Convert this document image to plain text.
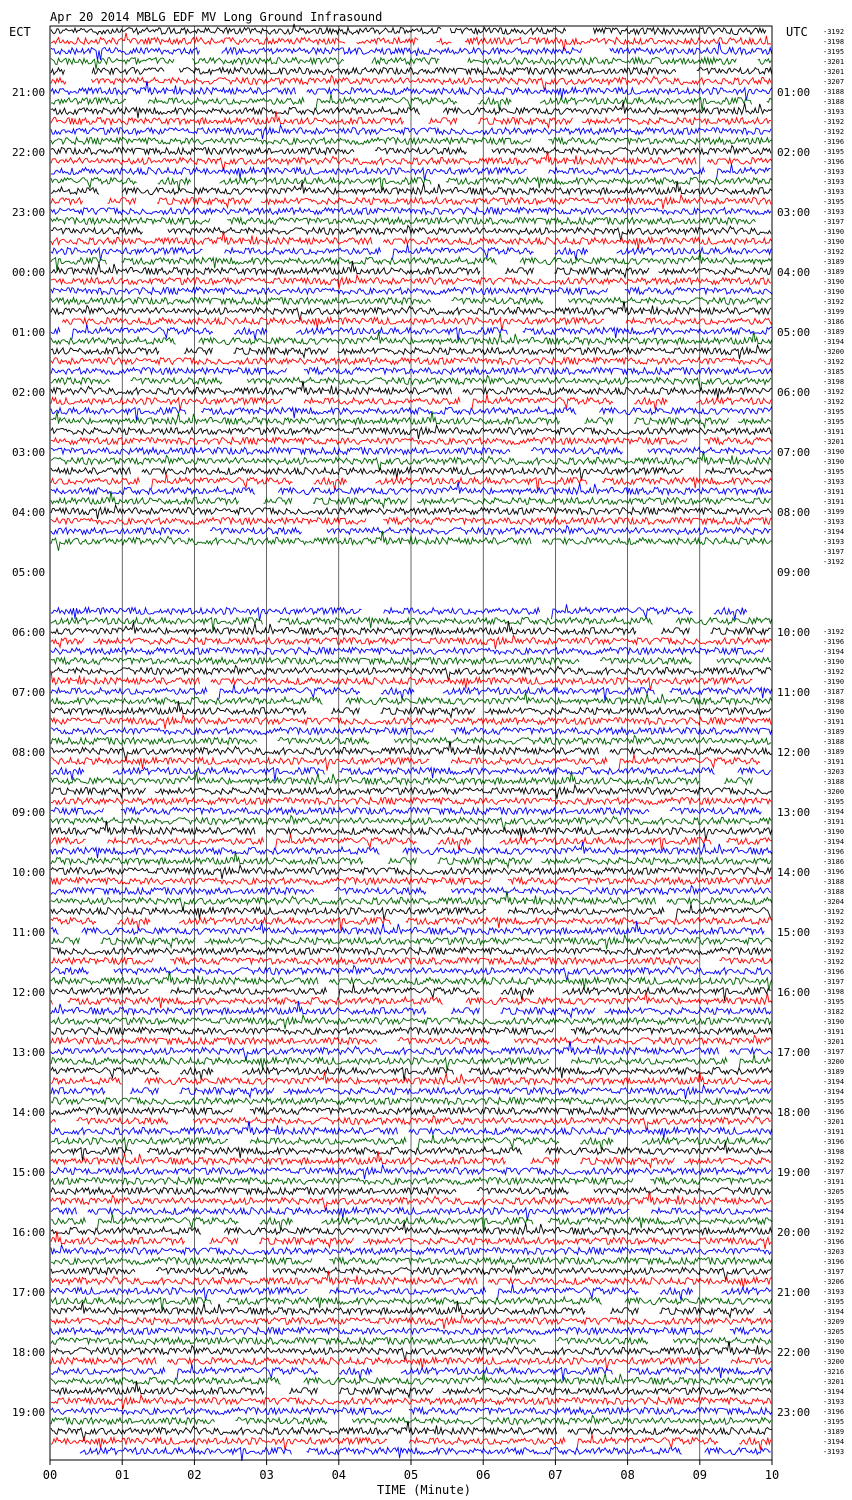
Apr 20 2014 MBLG EDF MV Long Ground Infrasound
ECT	UTC
21:00
22:00
23:00
00:00
01:00
02:00
03:00
04:00
05:00
06:00
07:00
08:00
09:00
10:00
11:00
12:00
13:00
14:00
15:00
16:00
17:00
18:00
19:00
01:00
02:00
03:00
04:00
05:00
06:00
07:00
08:00
09:00
10:00
11:00
12:00
13:00
14:00
15:00
16:00
17:00
18:00
19:00
20:00
21:00
22:00
23:00
-3192
-3198
-3195
-3201
-3201
-3207
-3188
-3188
-3193
-3192
-3192
-3196
-3195
-3196
-3193
-3193
-3193
-3195
-3193
-3197
-3190
-3190
-3192
-3189
-3189
-3190
-3190
-3192
-3199
-3186
-3189
-3194
-3200
-3192
-3185
-3198
-3192
-3192
-3195
-3195
-3191
-3201
-3190
-3190
-3195
-3193
-3191
-3191
-3199
-3193
-3194
-3193
-3197
-3192
-3192
-3196
-3194
-3190
-3192
-3190
-3187
-3198
-3190
-3191
-3189
-3188
-3189
-3191
-3203
-3188
-3200
-3195
-3194
-3191
-3190
-3194
-3196
-3186
-3196
-3188
-3188
-3204
-3192
-3192
-3193
-3192
-3192
-3192
-3196
-3197
-3198
-3195
-3182
-3190
-3191
-3201
-3197
-3200
-3189
-3194
-3194
-3195
-3196
-3201
-3191
-3196
-3198
-3192
-3197
-3191
-3205
-3195
-3194
-3191
-3192
-3196
-3203
-3196
-3197
-3206
-3193
-3195
-3194
-3209
-3205
-3190
-3190
-3200
-3216
-3201
-3194
-3193
-3196
-3195
-3189
-3194
-3193
00	01	02	03	04	05	06	07	08	09	10
TIME (Minute)
